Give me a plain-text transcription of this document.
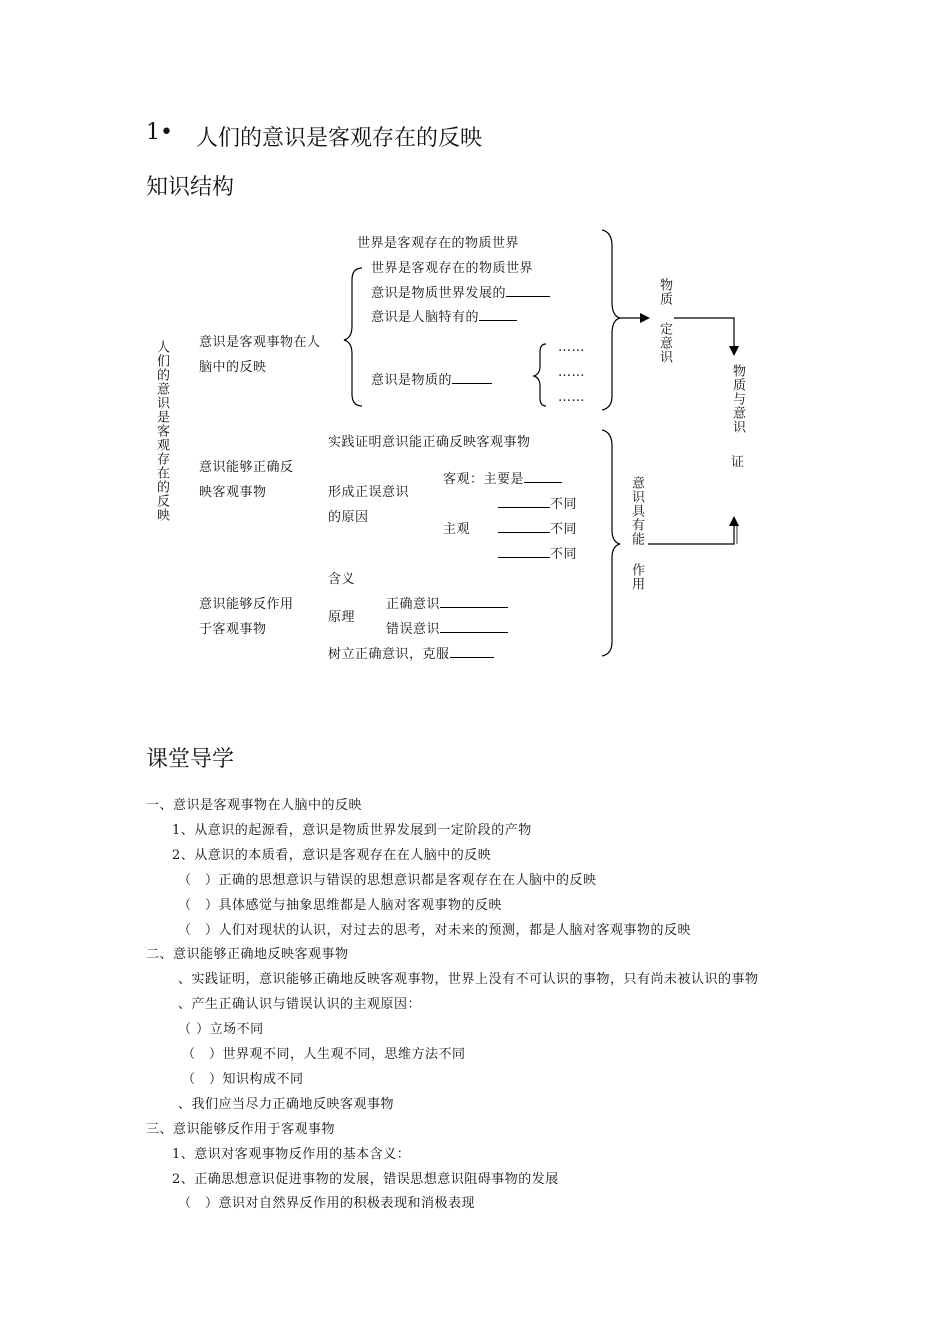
1• 人们的意识是客观存在的反映
知识结构
人们的意识是客观存在的反映 意识是客观事物在人
脑中的反映
世界是客观存在的物质世界
世界是客观存在的物质世界
意识是物质世界发展的
意识是人脑特有的
意识是物质的
……
……
……
物质
定意识
物质与意识
证
意识能够正确反
映客观事物
实践证明意识能正确反映客观事物
形成正误意识
的原因
客观：主要是
主观
不同
不同
不同
意识具有能
作用
意识能够反作用
于客观事物
含义
原理
正确意识
错误意识
树立正确意识，克服
课堂导学
一、意识是客观事物在人脑中的反映
1、从意识的起源看，意识是物质世界发展到一定阶段的产物
2、从意识的本质看，意识是客观存在在人脑中的反映
（　）正确的思想意识与错误的思想意识都是客观存在在人脑中的反映
（　）具体感觉与抽象思维都是人脑对客观事物的反映
（　）人们对现状的认识，对过去的思考，对未来的预测，都是人脑对客观事物的反映
二、意识能够正确地反映客观事物
、实践证明，意识能够正确地反映客观事物，世界上没有不可认识的事物，只有尚未被认识的事物
、产生正确认识与错误认识的主观原因：
（ ）立场不同
（　）世界观不同，人生观不同，思维方法不同
（　）知识构成不同
、我们应当尽力正确地反映客观事物
三、意识能够反作用于客观事物
1、意识对客观事物反作用的基本含义：
2、正确思想意识促进事物的发展，错误思想意识阻碍事物的发展
（　）意识对自然界反作用的积极表现和消极表现
